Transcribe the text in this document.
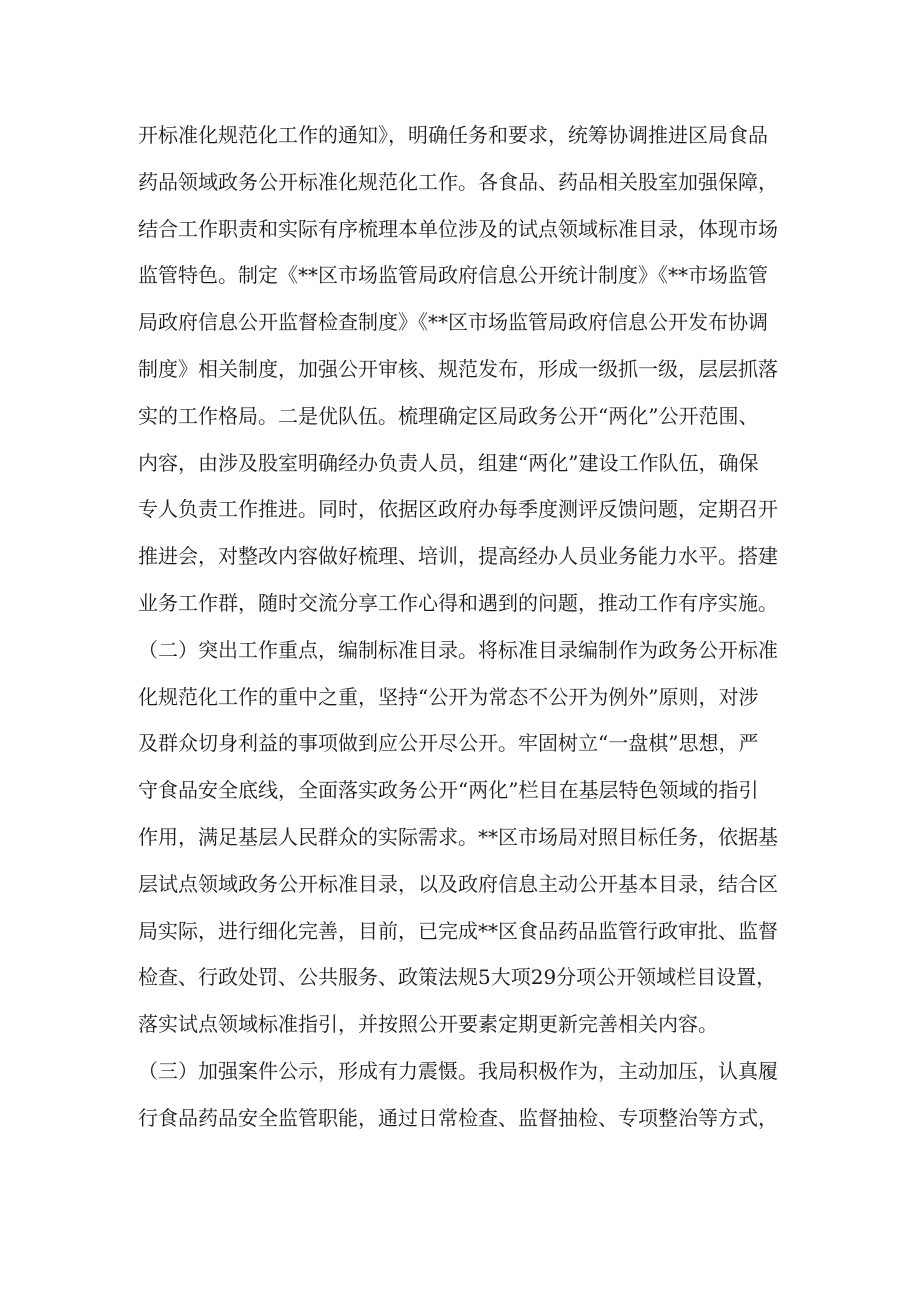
开标准化规范化工作的通知》，明确任务和要求，统筹协调推进区局食品
药品领域政务公开标准化规范化工作。各食品、药品相关股室加强保障，
结合工作职责和实际有序梳理本单位涉及的试点领域标准目录，体现市场
监管特色。制定《**区市场监管局政府信息公开统计制度》《**市场监管
局政府信息公开监督检查制度》《**区市场监管局政府信息公开发布协调
制度》相关制度，加强公开审核、规范发布，形成一级抓一级，层层抓落
实的工作格局。二是优队伍。梳理确定区局政务公开“两化”公开范围、
内容，由涉及股室明确经办负责人员，组建“两化”建设工作队伍，确保
专人负责工作推进。同时，依据区政府办每季度测评反馈问题，定期召开
推进会，对整改内容做好梳理、培训，提高经办人员业务能力水平。搭建
业务工作群，随时交流分享工作心得和遇到的问题，推动工作有序实施。
（二）突出工作重点，编制标准目录。将标准目录编制作为政务公开标准
化规范化工作的重中之重，坚持“公开为常态不公开为例外”原则，对涉
及群众切身利益的事项做到应公开尽公开。牢固树立“一盘棋”思想，严
守食品安全底线，全面落实政务公开“两化”栏目在基层特色领域的指引
作用，满足基层人民群众的实际需求。**区市场局对照目标任务，依据基
层试点领域政务公开标准目录，以及政府信息主动公开基本目录，结合区
局实际，进行细化完善，目前，已完成**区食品药品监管行政审批、监督
检查、行政处罚、公共服务、政策法规5大项29分项公开领域栏目设置，
落实试点领域标准指引，并按照公开要素定期更新完善相关内容。
（三）加强案件公示，形成有力震慑。我局积极作为，主动加压，认真履
行食品药品安全监管职能，通过日常检查、监督抽检、专项整治等方式，
